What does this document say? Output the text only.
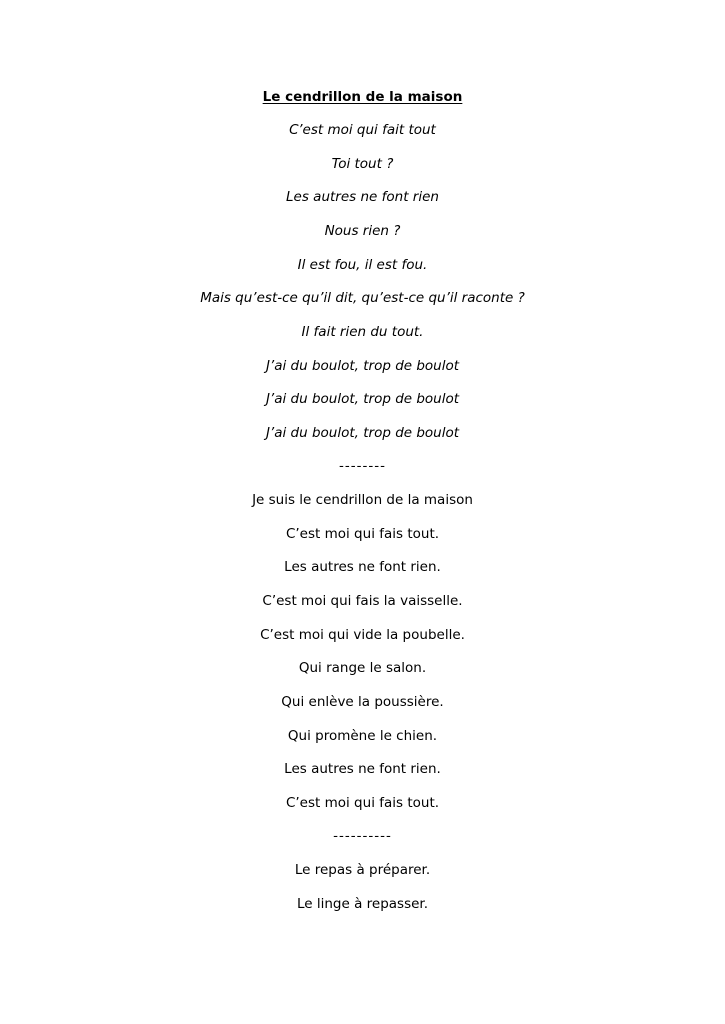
Le cendrillon de la maison
C’est moi qui fait tout
Toi tout ?
Les autres ne font rien
Nous rien ?
Il est fou, il est fou.
Mais qu’est-ce qu’il dit, qu’est-ce qu’il raconte ?
Il fait rien du tout.
J’ai du boulot, trop de boulot
J’ai du boulot, trop de boulot
J’ai du boulot, trop de boulot
--------
Je suis le cendrillon de la maison
C’est moi qui fais tout.
Les autres ne font rien.
C’est moi qui fais la vaisselle.
C’est moi qui vide la poubelle.
Qui range le salon.
Qui enlève la poussière.
Qui promène le chien.
Les autres ne font rien.
C’est moi qui fais tout.
----------
Le repas à préparer.
Le linge à repasser.
